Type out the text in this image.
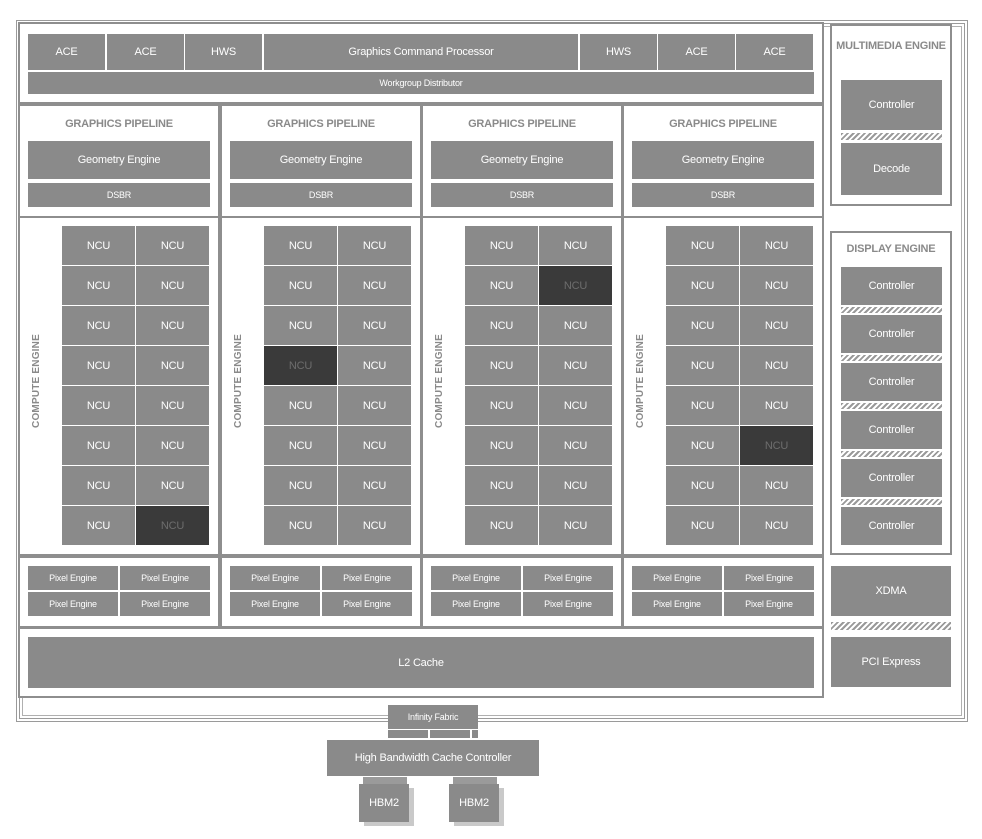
ACE	ACE	HWS	Graphics Command Processor	HWS	ACE	ACE
Workgroup Distributor
GRAPHICS PIPELINE
Geometry Engine
DSBR
COMPUTE ENGINE
NCU	NCU
NCU	NCU
NCU	NCU
NCU	NCU
NCU	NCU
NCU	NCU
NCU	NCU
NCU	NCU
Pixel Engine	Pixel Engine
Pixel Engine	Pixel Engine
GRAPHICS PIPELINE
Geometry Engine
DSBR
COMPUTE ENGINE
NCU	NCU
NCU	NCU
NCU	NCU
NCU	NCU
NCU	NCU
NCU	NCU
NCU	NCU
NCU	NCU
Pixel Engine	Pixel Engine
Pixel Engine	Pixel Engine
GRAPHICS PIPELINE
Geometry Engine
DSBR
COMPUTE ENGINE
NCU	NCU
NCU	NCU
NCU	NCU
NCU	NCU
NCU	NCU
NCU	NCU
NCU	NCU
NCU	NCU
Pixel Engine	Pixel Engine
Pixel Engine	Pixel Engine
GRAPHICS PIPELINE
Geometry Engine
DSBR
COMPUTE ENGINE
NCU	NCU
NCU	NCU
NCU	NCU
NCU	NCU
NCU	NCU
NCU	NCU
NCU	NCU
NCU	NCU
Pixel Engine	Pixel Engine
Pixel Engine	Pixel Engine
L2 Cache
MULTIMEDIA ENGINE
Controller
Decode
DISPLAY ENGINE
Controller
Controller
Controller
Controller
Controller
Controller
XDMA
PCI Express
Infinity Fabric
High Bandwidth Cache Controller
HBM2	HBM2
